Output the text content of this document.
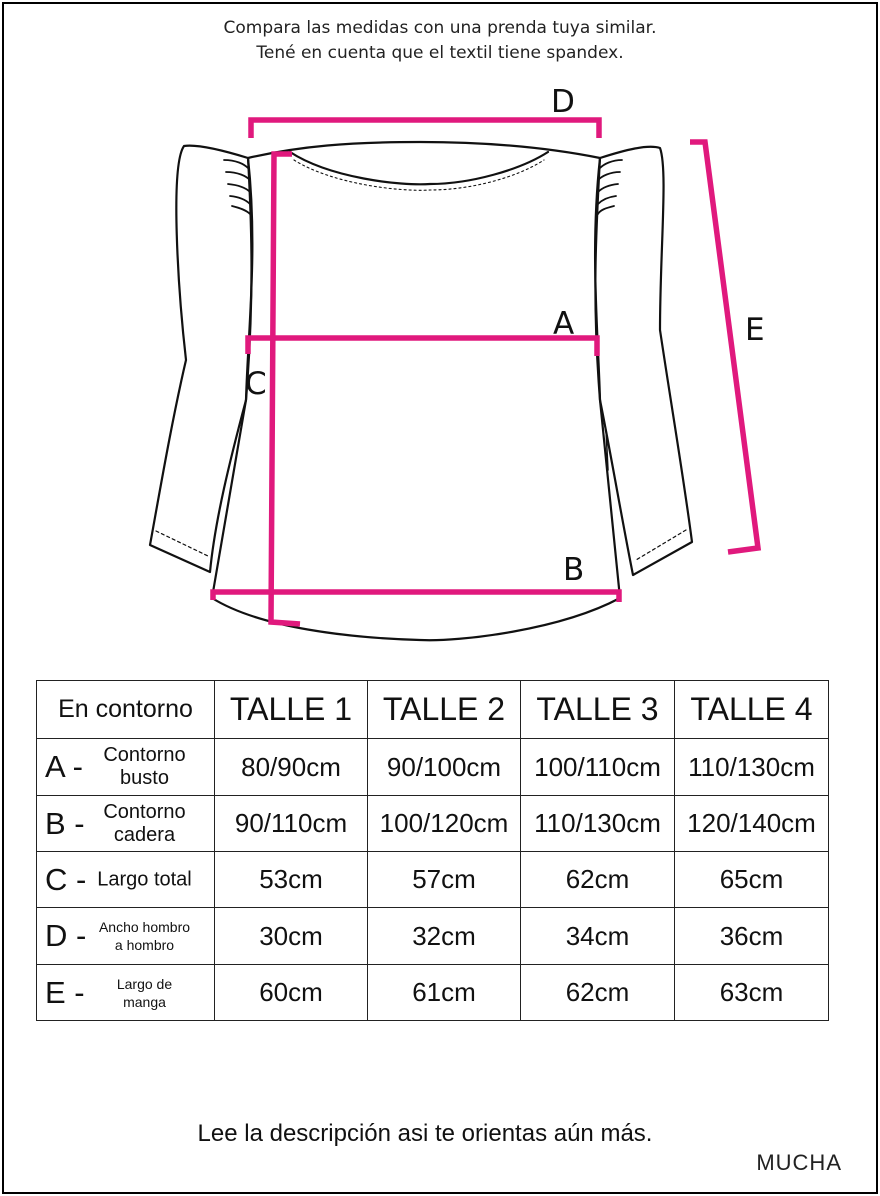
Compara las medidas con una prenda tuya similar.
Tené en cuenta que el textil tiene spandex.
D
A
C
B
E
En contorno	TALLE 1	TALLE 2	TALLE 3	TALLE 4

A - Contorno busto	80/90cm	90/100cm	100/110cm	110/130cm

B - Contorno cadera	90/110cm	100/120cm	110/130cm	120/140cm

C - Largo total	53cm	57cm	62cm	65cm

D - Ancho hombro a hombro	30cm	32cm	34cm	36cm

E - Largo de manga	60cm	61cm	62cm	63cm
Lee la descripción asi te orientas aún más.
MUCHA
